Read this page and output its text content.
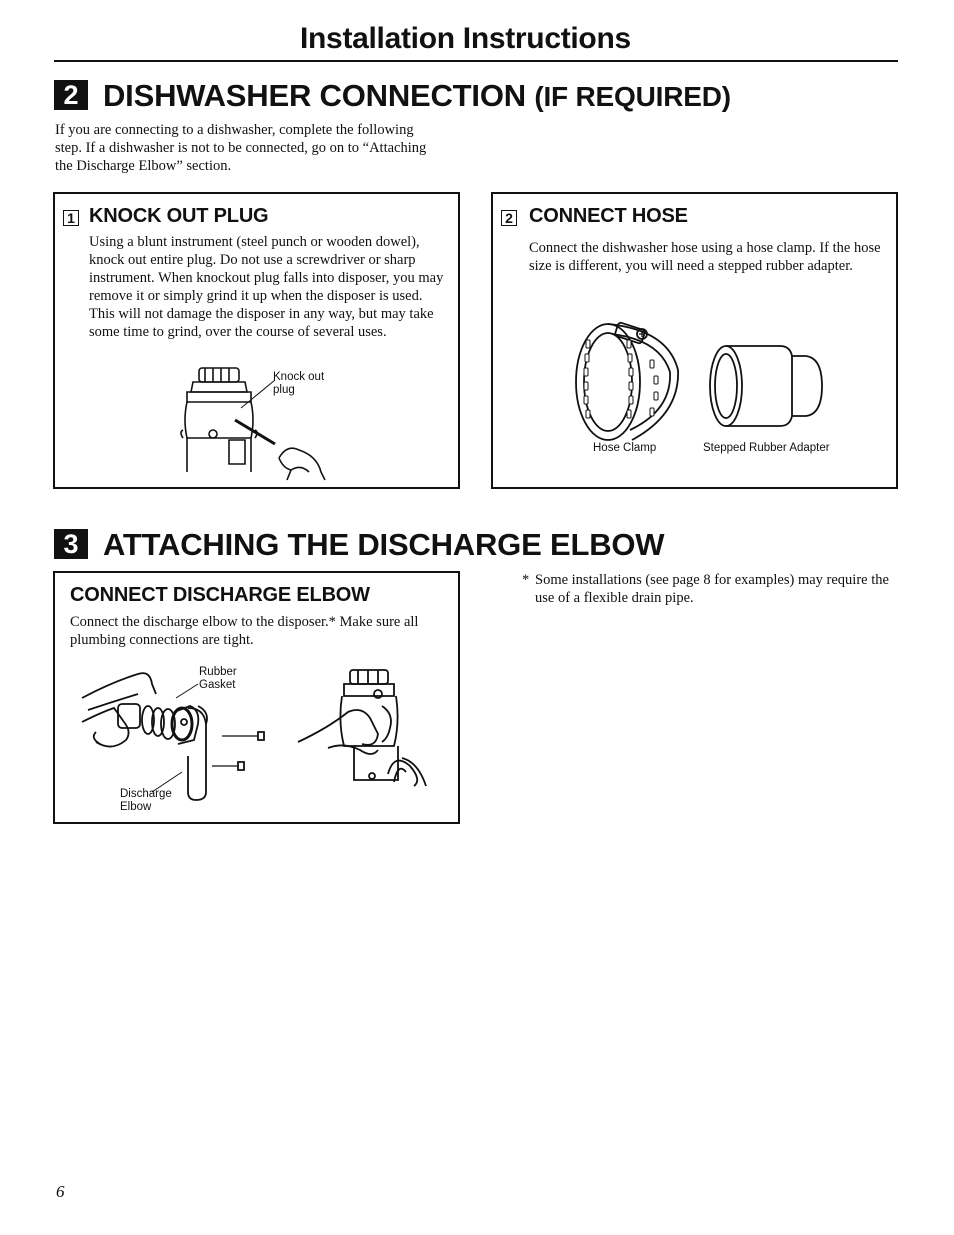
Installation Instructions
2 DISHWASHER CONNECTION (IF REQUIRED)
If you are connecting to a dishwasher, complete the following step. If a dishwasher is not to be connected, go on to “Attaching the Discharge Elbow” section.
1 KNOCK OUT PLUG
Using a blunt instrument (steel punch or wooden dowel), knock out entire plug. Do not use a screwdriver or sharp instrument. When knockout plug falls into disposer, you may remove it or simply grind it up when the disposer is used. This will not damage the disposer in any way, but may take some time to grind, over the course of several uses.
Knock out
plug
2 CONNECT HOSE
Connect the dishwasher hose using a hose clamp. If the hose size is different, you will need a stepped rubber adapter.
Hose Clamp	Stepped Rubber Adapter
3 ATTACHING THE DISCHARGE ELBOW
CONNECT DISCHARGE ELBOW
Connect the discharge elbow to the disposer.* Make sure all plumbing connections are tight.
Rubber
Gasket
Discharge
Elbow
* Some installations (see page 8 for examples) may require the use of a flexible drain pipe.
6
